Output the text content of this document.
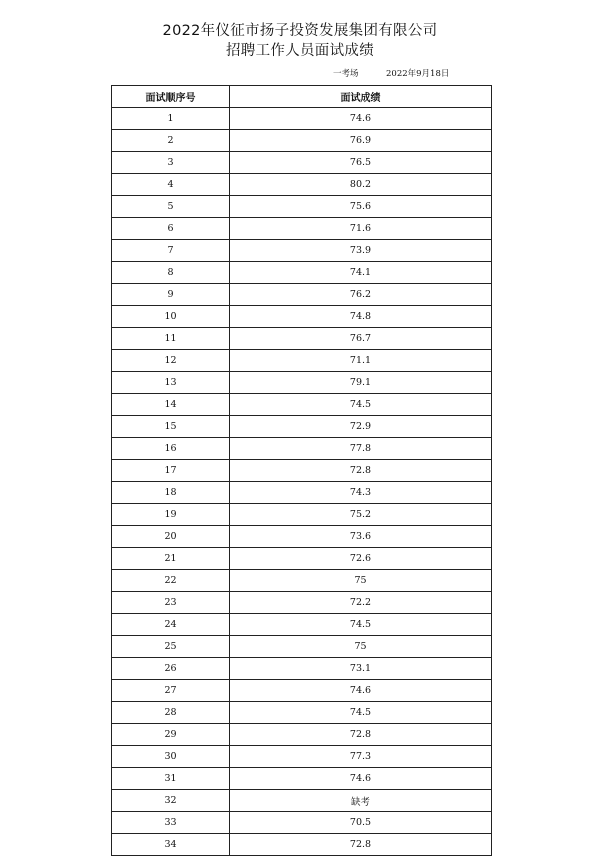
2022年仪征市扬子投资发展集团有限公司
招聘工作人员面试成绩
一考场	2022年9月18日
面试顺序号	面试成绩
1	74.6
2	76.9
3	76.5
4	80.2
5	75.6
6	71.6
7	73.9
8	74.1
9	76.2
10	74.8
11	76.7
12	71.1
13	79.1
14	74.5
15	72.9
16	77.8
17	72.8
18	74.3
19	75.2
20	73.6
21	72.6
22	75
23	72.2
24	74.5
25	75
26	73.1
27	74.6
28	74.5
29	72.8
30	77.3
31	74.6
32	缺考
33	70.5
34	72.8
